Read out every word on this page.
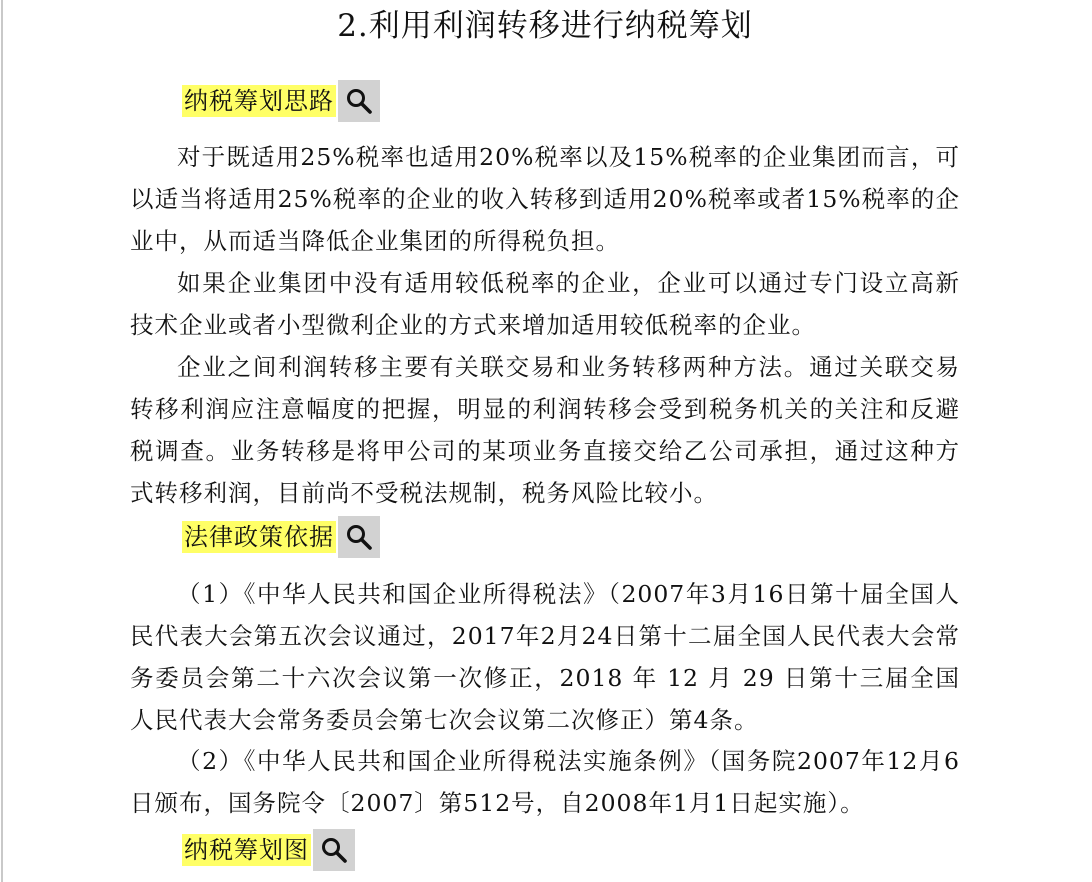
2.利用利润转移进行纳税筹划
纳税筹划思路

对于既适用25%税率也适用20%税率以及15%税率的企业集团而言，可以适当将适用25%税率的企业的收入转移到适用20%税率或者15%税率的企业中，从而适当降低企业集团的所得税负担。

如果企业集团中没有适用较低税率的企业，企业可以通过专门设立高新技术企业或者小型微利企业的方式来增加适用较低税率的企业。

企业之间利润转移主要有关联交易和业务转移两种方法。通过关联交易转移利润应注意幅度的把握，明显的利润转移会受到税务机关的关注和反避税调查。业务转移是将甲公司的某项业务直接交给乙公司承担，通过这种方式转移利润，目前尚不受税法规制，税务风险比较小。

法律政策依据

（1）《中华人民共和国企业所得税法》（2007年3月16日第十届全国人民代表大会第五次会议通过，2017年2月24日第十二届全国人民代表大会常务委员会第二十六次会议第一次修正，2018 年 12 月 29 日第十三届全国人民代表大会常务委员会第七次会议第二次修正）第4条。

（2）《中华人民共和国企业所得税法实施条例》（国务院2007年12月6日颁布，国务院令〔2007〕第512号，自2008年1月1日起实施）。

纳税筹划图
